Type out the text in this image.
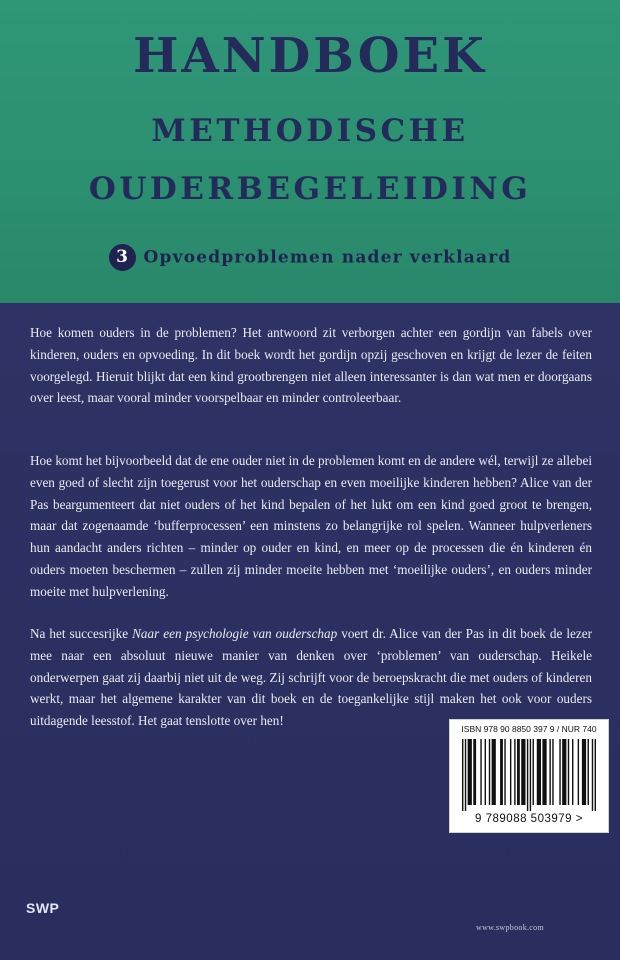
HANDBOEK
METHODISCHE
OUDERBEGELEIDING
3 Opvoedproblemen nader verklaard

Hoe komen ouders in de problemen? Het antwoord zit verborgen achter een gordijn van fabels over kinderen, ouders en opvoeding. In dit boek wordt het gordijn opzij geschoven en krijgt de lezer de feiten voorgelegd. Hieruit blijkt dat een kind grootbrengen niet alleen interessanter is dan wat men er doorgaans over leest, maar vooral minder voorspelbaar en minder controleerbaar.

Hoe komt het bijvoorbeeld dat de ene ouder niet in de problemen komt en de andere wél, terwijl ze allebei even goed of slecht zijn toegerust voor het ouderschap en even moeilijke kinderen hebben? Alice van der Pas beargumenteert dat niet ouders of het kind bepalen of het lukt om een kind goed groot te brengen, maar dat zogenaamde ‘bufferprocessen’ een minstens zo belangrijke rol spelen. Wanneer hulpverleners hun aandacht anders richten – minder op ouder en kind, en meer op de processen die én kinderen én ouders moeten beschermen – zullen zij minder moeite hebben met ‘moeilijke ouders’, en ouders minder moeite met hulpverlening.

Na het succesrijke Naar een psychologie van ouderschap voert dr. Alice van der Pas in dit boek de lezer mee naar een absoluut nieuwe manier van denken over ‘problemen’ van ouderschap. Heikele onderwerpen gaat zij daarbij niet uit de weg. Zij schrijft voor de beroepskracht die met ouders of kinderen werkt, maar het algemene karakter van dit boek en de toegankelijke stijl maken het ook voor ouders uitdagende leesstof. Het gaat tenslotte over hen!

ISBN 978 90 8850 397 9 / NUR 740
9 789088 503979 >
SWP
www.swpbook.com
